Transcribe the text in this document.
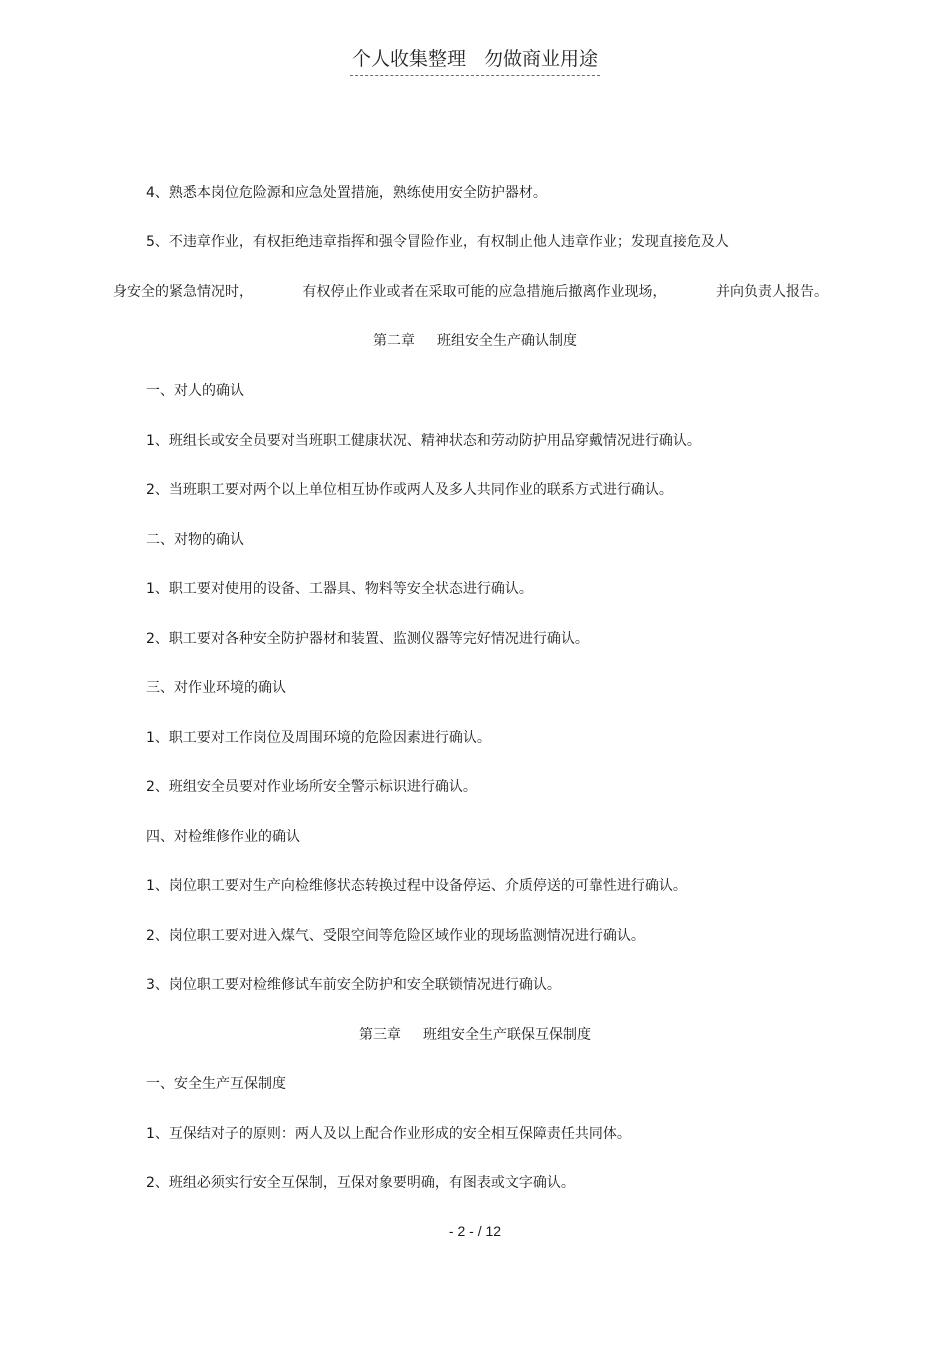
个人收集整理   勿做商业用途
4、熟悉本岗位危险源和应急处置措施，熟练使用安全防护器材。
5、不违章作业，有权拒绝违章指挥和强令冒险作业，有权制止他人违章作业；发现直接危及人
身安全的紧急情况时，	有权停止作业或者在采取可能的应急措施后撤离作业现场，	并向负责人报告。
第二章 班组安全生产确认制度
一、对人的确认
1、班组长或安全员要对当班职工健康状况、精神状态和劳动防护用品穿戴情况进行确认。
2、当班职工要对两个以上单位相互协作或两人及多人共同作业的联系方式进行确认。
二、对物的确认
1、职工要对使用的设备、工器具、物料等安全状态进行确认。
2、职工要对各种安全防护器材和装置、监测仪器等完好情况进行确认。
三、对作业环境的确认
1、职工要对工作岗位及周围环境的危险因素进行确认。
2、班组安全员要对作业场所安全警示标识进行确认。
四、对检维修作业的确认
1、岗位职工要对生产向检维修状态转换过程中设备停运、介质停送的可靠性进行确认。
2、岗位职工要对进入煤气、受限空间等危险区域作业的现场监测情况进行确认。
3、岗位职工要对检维修试车前安全防护和安全联锁情况进行确认。
第三章 班组安全生产联保互保制度
一、安全生产互保制度
1、互保结对子的原则：两人及以上配合作业形成的安全相互保障责任共同体。
2、班组必须实行安全互保制，互保对象要明确，有图表或文字确认。
- 2 - / 12
